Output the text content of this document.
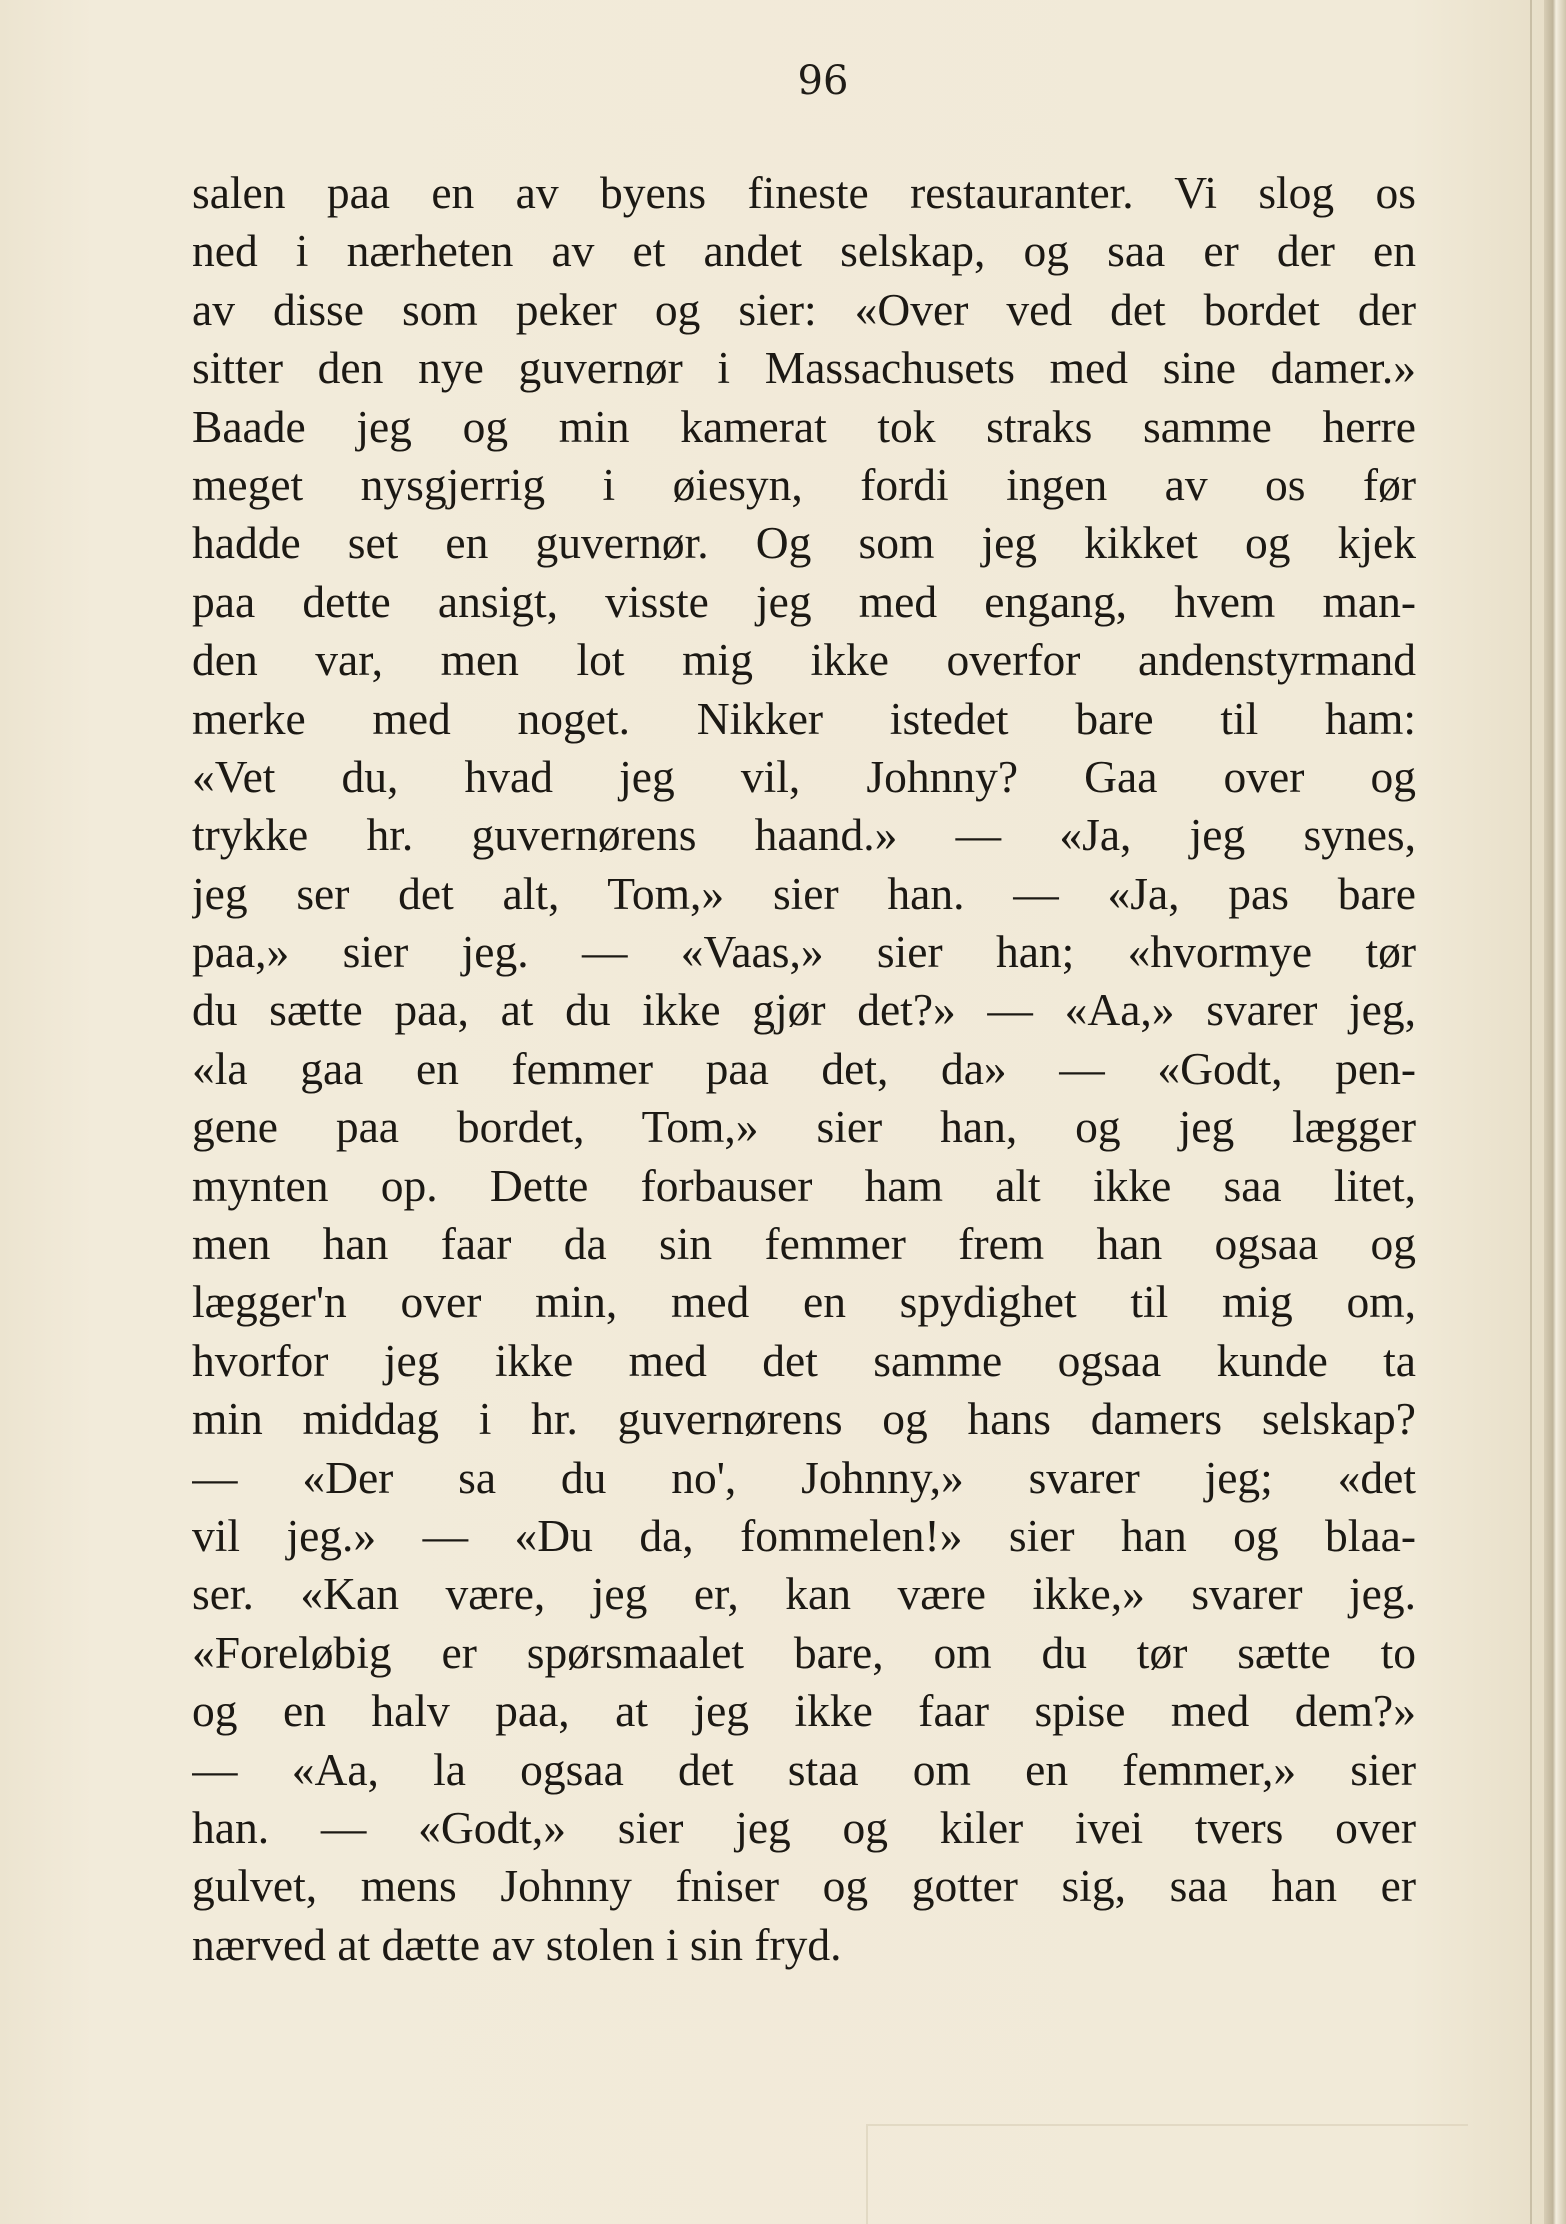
96
salen paa en av byens fineste restauranter. Vi slog os
ned i nærheten av et andet selskap, og saa er der en
av disse som peker og sier: «Over ved det bordet der
sitter den nye guvernør i Massachusets med sine damer.»
Baade jeg og min kamerat tok straks samme herre
meget nysgjerrig i øiesyn, fordi ingen av os før
hadde set en guvernør. Og som jeg kikket og kjek
paa dette ansigt, visste jeg med engang, hvem man-
den var, men lot mig ikke overfor andenstyrmand
merke med noget. Nikker istedet bare til ham:
«Vet du, hvad jeg vil, Johnny? Gaa over og
trykke hr. guvernørens haand.» — «Ja, jeg synes,
jeg ser det alt, Tom,» sier han. — «Ja, pas bare
paa,» sier jeg. — «Vaas,» sier han; «hvormye tør
du sætte paa, at du ikke gjør det?» — «Aa,» svarer jeg,
«la gaa en femmer paa det, da» — «Godt, pen-
gene paa bordet, Tom,» sier han, og jeg lægger
mynten op. Dette forbauser ham alt ikke saa litet,
men han faar da sin femmer frem han ogsaa og
lægger'n over min, med en spydighet til mig om,
hvorfor jeg ikke med det samme ogsaa kunde ta
min middag i hr. guvernørens og hans damers selskap?
— «Der sa du no', Johnny,» svarer jeg; «det
vil jeg.» — «Du da, fommelen!» sier han og blaa-
ser. «Kan være, jeg er, kan være ikke,» svarer jeg.
«Foreløbig er spørsmaalet bare, om du tør sætte to
og en halv paa, at jeg ikke faar spise med dem?»
— «Aa, la ogsaa det staa om en femmer,» sier
han. — «Godt,» sier jeg og kiler ivei tvers over
gulvet, mens Johnny fniser og gotter sig, saa han er
nærved at dætte av stolen i sin fryd.
